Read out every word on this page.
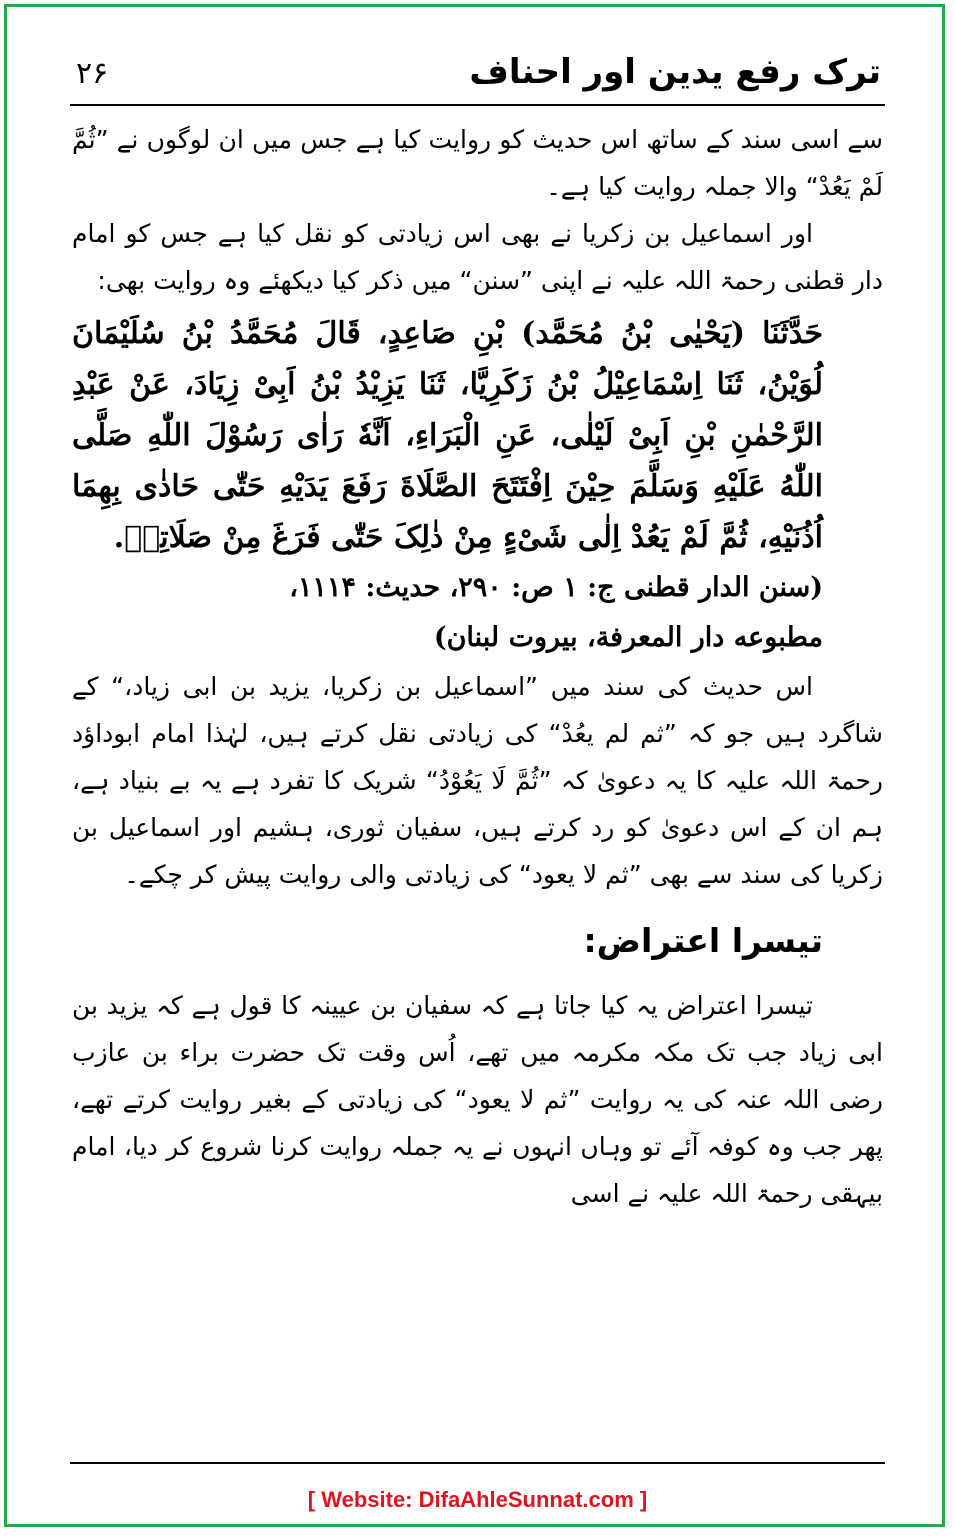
۲۶	ترک رفع یدین اور احناف

سے اسی سند کے ساتھ اس حدیث کو روایت کیا ہے جس میں ان لوگوں نے ”ثُمَّ لَمْ یَعُدْ“ والا جملہ روایت کیا ہے۔

اور اسماعیل بن زکریا نے بھی اس زیادتی کو نقل کیا ہے جس کو امام دار قطنی رحمۃ اللہ علیہ نے اپنی ”سنن“ میں ذکر کیا دیکھئے وہ روایت بھی:

حَدَّثَنَا (یَحْیٰی بْنُ مُحَمَّد) بْنِ صَاعِدٍ، قَالَ مُحَمَّدُ بْنُ سُلَیْمَانَ لُوَیْنُ، ثَنَا اِسْمَاعِیْلُ بْنُ زَکَرِیَّا، ثَنَا یَزِیْدُ بْنُ اَبِیْ زِیَادَ، عَنْ عَبْدِ الرَّحْمٰنِ بْنِ اَبِیْ لَیْلٰی، عَنِ الْبَرَاءِ، اَنَّهٗ رَاٰی رَسُوْلَ اللّٰهِ صَلَّی اللّٰهُ عَلَیْهِ وَسَلَّمَ حِیْنَ اِفْتَتَحَ الصَّلَاةَ رَفَعَ یَدَیْهِ حَتّٰی حَاذٰی بِهِمَا اُذُنَیْهِ، ثُمَّ لَمْ یَعُدْ اِلٰی شَیْءٍ مِنْ ذٰلِکَ حَتّٰی فَرَغَ مِنْ صَلَاتِهٖ.

(سنن الدار قطنی ج: ۱ ص: ۲۹۰، حدیث: ۱۱۱۴،

مطبوعه دار المعرفة، بیروت لبنان)

اس حدیث کی سند میں ”اسماعیل بن زکریا، یزید بن ابی زیاد،“ کے شاگرد ہیں جو کہ ”ثم لم یعُدْ“ کی زیادتی نقل کرتے ہیں، لہٰذا امام ابوداؤد رحمۃ اللہ علیہ کا یہ دعویٰ کہ ”ثُمَّ لَا یَعُوْدُ“ شریک کا تفرد ہے یہ بے بنیاد ہے، ہم ان کے اس دعویٰ کو رد کرتے ہیں، سفیان ثوری، ہشیم اور اسماعیل بن زکریا کی سند سے بھی ”ثم لا یعود“ کی زیادتی والی روایت پیش کر چکے۔

تیسرا اعتراض:

تیسرا اعتراض یہ کیا جاتا ہے کہ سفیان بن عیینہ کا قول ہے کہ یزید بن ابی زیاد جب تک مکہ مکرمہ میں تھے، اُس وقت تک حضرت براء بن عازب رضی اللہ عنہ کی یہ روایت ”ثم لا یعود“ کی زیادتی کے بغیر روایت کرتے تھے، پھر جب وہ کوفہ آئے تو وہاں انہوں نے یہ جملہ روایت کرنا شروع کر دیا، امام بیہقی رحمۃ اللہ علیہ نے اسی

[ Website: DifaAhleSunnat.com ]
